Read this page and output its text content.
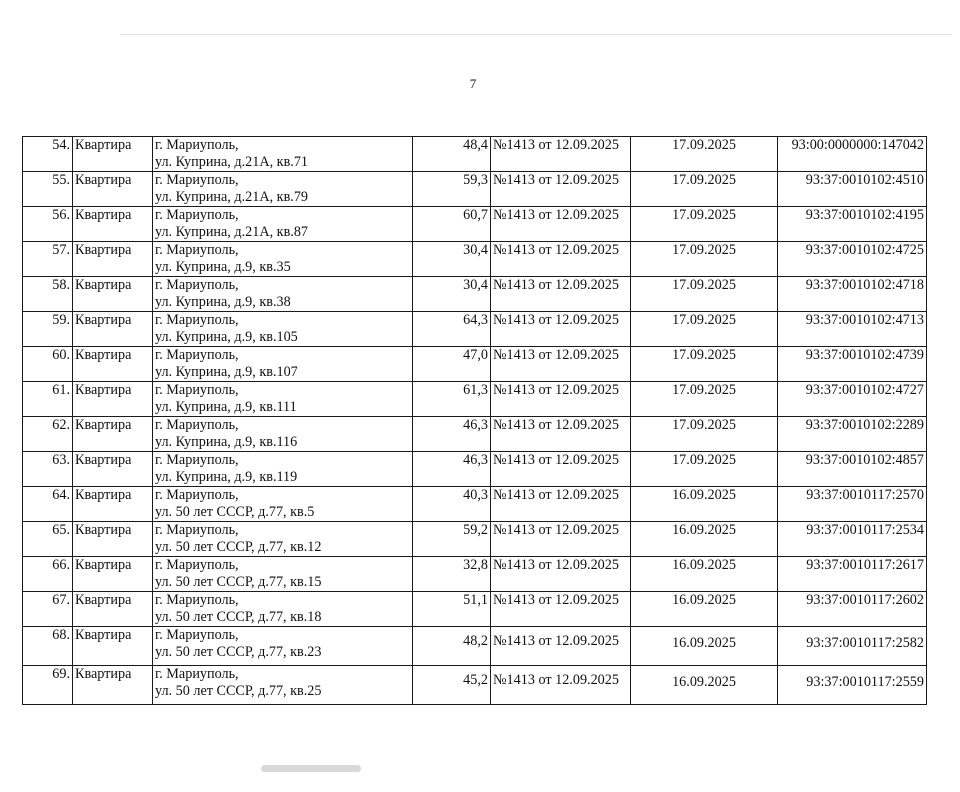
7
54.	Квартира	г. Мариуполь,
ул. Куприна, д.21А, кв.71	48,4	№1413 от 12.09.2025	17.09.2025	93:00:0000000:147042
55.	Квартира	г. Мариуполь,
ул. Куприна, д.21А, кв.79	59,3	№1413 от 12.09.2025	17.09.2025	93:37:0010102:4510
56.	Квартира	г. Мариуполь,
ул. Куприна, д.21А, кв.87	60,7	№1413 от 12.09.2025	17.09.2025	93:37:0010102:4195
57.	Квартира	г. Мариуполь,
ул. Куприна, д.9, кв.35	30,4	№1413 от 12.09.2025	17.09.2025	93:37:0010102:4725
58.	Квартира	г. Мариуполь,
ул. Куприна, д.9, кв.38	30,4	№1413 от 12.09.2025	17.09.2025	93:37:0010102:4718
59.	Квартира	г. Мариуполь,
ул. Куприна, д.9, кв.105	64,3	№1413 от 12.09.2025	17.09.2025	93:37:0010102:4713
60.	Квартира	г. Мариуполь,
ул. Куприна, д.9, кв.107	47,0	№1413 от 12.09.2025	17.09.2025	93:37:0010102:4739
61.	Квартира	г. Мариуполь,
ул. Куприна, д.9, кв.111	61,3	№1413 от 12.09.2025	17.09.2025	93:37:0010102:4727
62.	Квартира	г. Мариуполь,
ул. Куприна, д.9, кв.116	46,3	№1413 от 12.09.2025	17.09.2025	93:37:0010102:2289
63.	Квартира	г. Мариуполь,
ул. Куприна, д.9, кв.119	46,3	№1413 от 12.09.2025	17.09.2025	93:37:0010102:4857
64.	Квартира	г. Мариуполь,
ул. 50 лет СССР, д.77, кв.5	40,3	№1413 от 12.09.2025	16.09.2025	93:37:0010117:2570
65.	Квартира	г. Мариуполь,
ул. 50 лет СССР, д.77, кв.12	59,2	№1413 от 12.09.2025	16.09.2025	93:37:0010117:2534
66.	Квартира	г. Мариуполь,
ул. 50 лет СССР, д.77, кв.15	32,8	№1413 от 12.09.2025	16.09.2025	93:37:0010117:2617
67.	Квартира	г. Мариуполь,
ул. 50 лет СССР, д.77, кв.18	51,1	№1413 от 12.09.2025	16.09.2025	93:37:0010117:2602
68.	Квартира	г. Мариуполь,
ул. 50 лет СССР, д.77, кв.23	48,2	№1413 от 12.09.2025	16.09.2025	93:37:0010117:2582
69.	Квартира	г. Мариуполь,
ул. 50 лет СССР, д.77, кв.25	45,2	№1413 от 12.09.2025	16.09.2025	93:37:0010117:2559
